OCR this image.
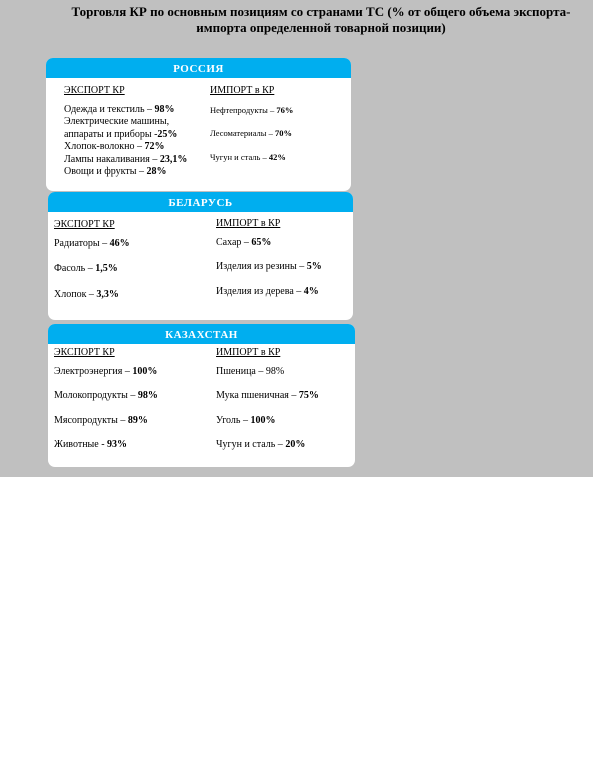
Торговля КР по основным позициям со странами ТС (% от общего объема экспорта-импорта определенной товарной позиции)
РОССИЯ
ЭКСПОРТ КР
Одежда и текстиль – 98%
Электрические машины, аппараты и приборы -25%
Хлопок-волокно – 72%
Лампы накаливания – 23,1%
Овощи и фрукты – 28%
ИМПОРТ в КР
Нефтепродукты – 76%
Лесоматериалы – 70%
Чугун и сталь – 42%
БЕЛАРУСЬ
ЭКСПОРТ КР
Радиаторы – 46%
Фасоль – 1,5%
Хлопок – 3,3%
ИМПОРТ в КР
Сахар – 65%
Изделия из резины – 5%
Изделия из дерева – 4%
КАЗАХСТАН
ЭКСПОРТ КР
Электроэнергия – 100%
Молокопродукты – 98%
Мясопродукты – 89%
Животные - 93%
ИМПОРТ в КР
Пшеница – 98%
Мука пшеничная – 75%
Уголь – 100%
Чугун и сталь – 20%
